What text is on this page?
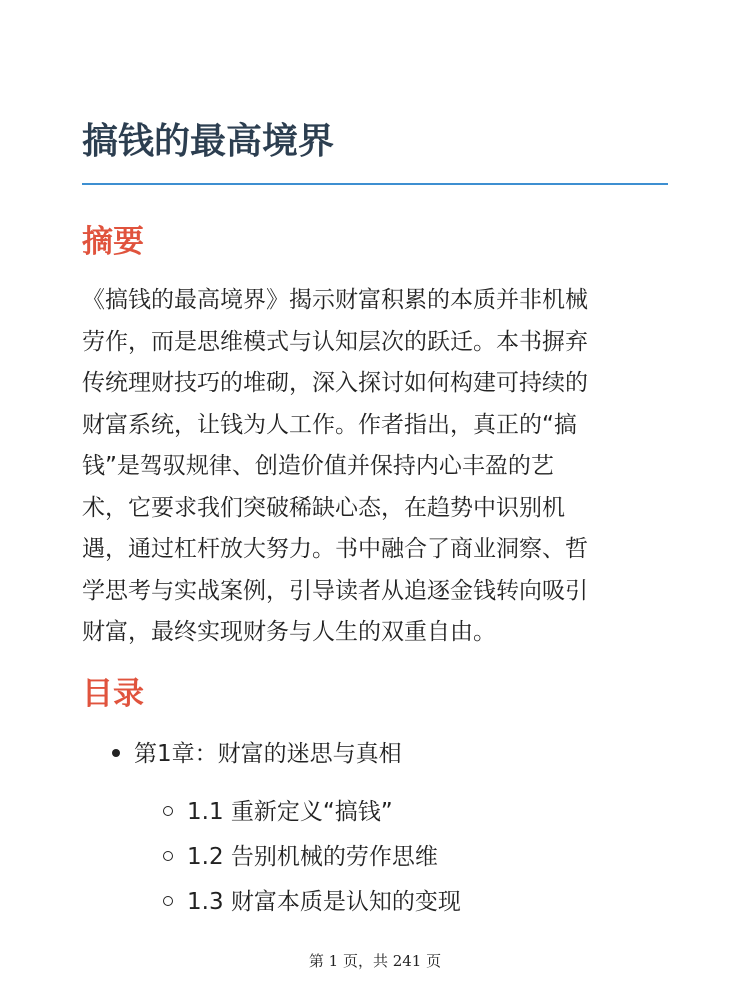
搞钱的最高境界
摘要

《搞钱的最高境界》揭示财富积累的本质并非机械
劳作，而是思维模式与认知层次的跃迁。本书摒弃
传统理财技巧的堆砌，深入探讨如何构建可持续的
财富系统，让钱为人工作。作者指出，真正的“搞
钱”是驾驭规律、创造价值并保持内心丰盈的艺
术，它要求我们突破稀缺心态，在趋势中识别机
遇，通过杠杆放大努力。书中融合了商业洞察、哲
学思考与实战案例，引导读者从追逐金钱转向吸引
财富，最终实现财务与人生的双重自由。

目录
第1章：财富的迷思与真相
1.1 重新定义“搞钱”
1.2 告别机械的劳作思维
1.3 财富本质是认知的变现
第 1 页，共 241 页
